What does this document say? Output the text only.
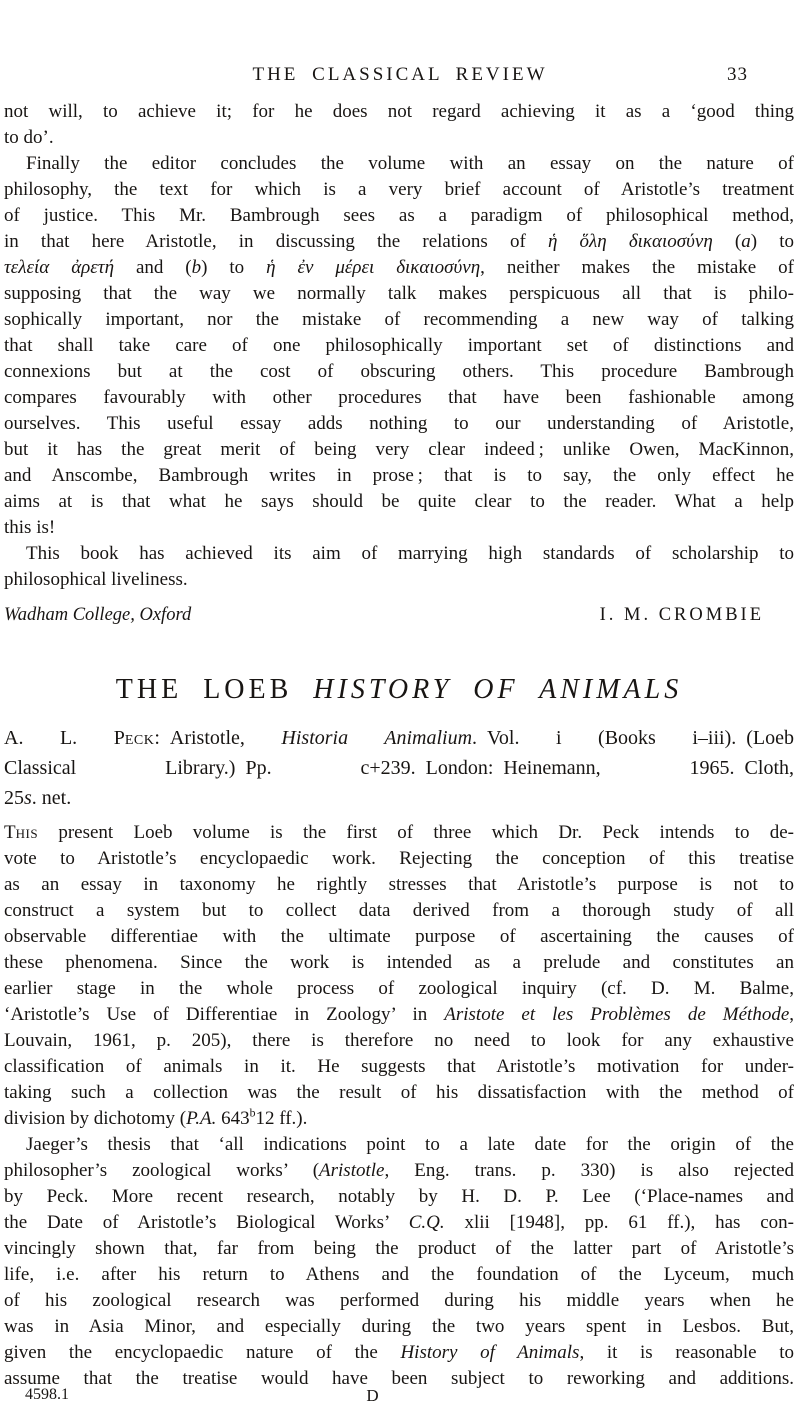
THE CLASSICAL REVIEW	33
not will, to achieve it; for he does not regard achieving it as a ‘good thing
to do’.
Finally the editor concludes the volume with an essay on the nature of
philosophy, the text for which is a very brief account of Aristotle’s treatment
of justice. This Mr. Bambrough sees as a paradigm of philosophical method,
in that here Aristotle, in discussing the relations of ἡ ὅλη δικαιοσύνη (a) to
τελεία ἀρετή and (b) to ἡ ἐν μέρει δικαιοσύνη, neither makes the mistake of
supposing that the way we normally talk makes perspicuous all that is philo-
sophically important, nor the mistake of recommending a new way of talking
that shall take care of one philosophically important set of distinctions and
connexions but at the cost of obscuring others. This procedure Bambrough
compares favourably with other procedures that have been fashionable among
ourselves. This useful essay adds nothing to our understanding of Aristotle,
but it has the great merit of being very clear indeed ; unlike Owen, MacKinnon,
and Anscombe, Bambrough writes in prose ; that is to say, the only effect he
aims at is that what he says should be quite clear to the reader. What a help
this is!
This book has achieved its aim of marrying high standards of scholarship to
philosophical liveliness.
Wadham College, Oxford	I. M. CROMBIE
THE LOEB HISTORY OF ANIMALS
A. L. Peck: Aristotle, Historia Animalium. Vol. i (Books i–iii). (Loeb
Classical Library.) Pp. c+239. London: Heinemann, 1965. Cloth,
25s. net.
This present Loeb volume is the first of three which Dr. Peck intends to de-
vote to Aristotle’s encyclopaedic work. Rejecting the conception of this treatise
as an essay in taxonomy he rightly stresses that Aristotle’s purpose is not to
construct a system but to collect data derived from a thorough study of all
observable differentiae with the ultimate purpose of ascertaining the causes of
these phenomena. Since the work is intended as a prelude and constitutes an
earlier stage in the whole process of zoological inquiry (cf. D. M. Balme,
‘Aristotle’s Use of Differentiae in Zoology’ in Aristote et les Problèmes de Méthode,
Louvain, 1961, p. 205), there is therefore no need to look for any exhaustive
classification of animals in it. He suggests that Aristotle’s motivation for under-
taking such a collection was the result of his dissatisfaction with the method of
division by dichotomy (P.A. 643$^b$12 ff.).
Jaeger’s thesis that ‘all indications point to a late date for the origin of the
philosopher’s zoological works’ (Aristotle, Eng. trans. p. 330) is also rejected
by Peck. More recent research, notably by H. D. P. Lee (‘Place-names and
the Date of Aristotle’s Biological Works’ C.Q. xlii [1948], pp. 61 ff.), has con-
vincingly shown that, far from being the product of the latter part of Aristotle’s
life, i.e. after his return to Athens and the foundation of the Lyceum, much
of his zoological research was performed during his middle years when he
was in Asia Minor, and especially during the two years spent in Lesbos. But,
given the encyclopaedic nature of the History of Animals, it is reasonable to
assume that the treatise would have been subject to reworking and additions.
4598.1	D
